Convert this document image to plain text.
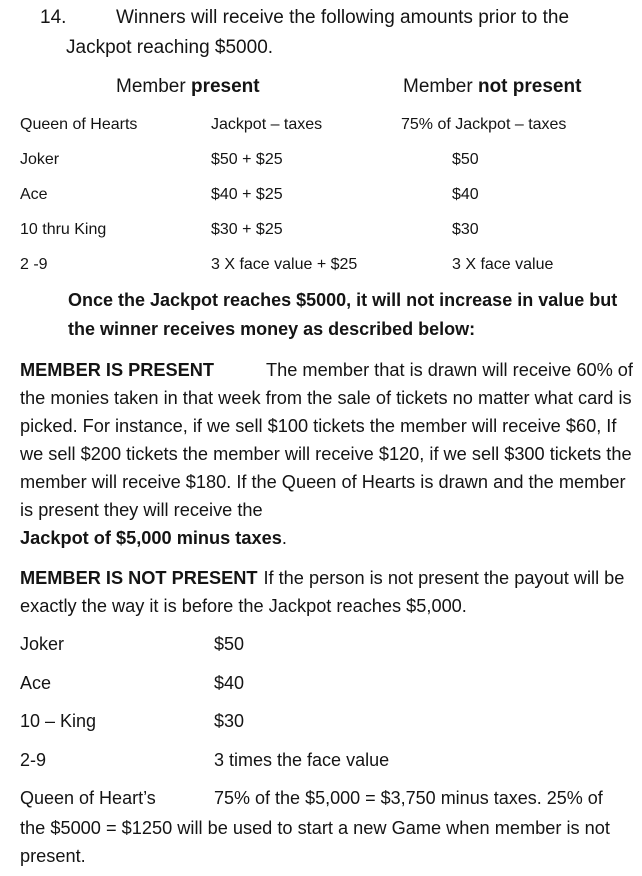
14.	Winners will receive the following amounts prior to the
Jackpot reaching $5000.
Member present	Member not present
Queen of Hearts	Jackpot – taxes	75% of Jackpot – taxes
Joker	$50 + $25	$50
Ace	$40 + $25	$40
10 thru King	$30 + $25	$30
2 -9	3 X face value + $25	3 X face value
Once the Jackpot reaches $5000, it will not increase in value but
the winner receives money as described below:
MEMBER IS PRESENT	The member that is drawn will receive 60% of the monies taken in that week from the sale of tickets no matter what card is picked. For instance, if we sell $100 tickets the member will receive $60, If we sell $200 tickets the member will receive $120, if we sell $300 tickets the member will receive $180. If the Queen of Hearts is drawn and the member is present they will receive the
Jackpot of $5,000 minus taxes.
MEMBER IS NOT PRESENT If the person is not present the payout will be exactly the way it is before the Jackpot reaches $5,000.
Joker	$50
Ace	$40
10 – King	$30
2-9	3 times the face value
Queen of Heart’s	75% of the $5,000 = $3,750 minus taxes. 25% of
the $5000 = $1250 will be used to start a new Game when member is not present.
